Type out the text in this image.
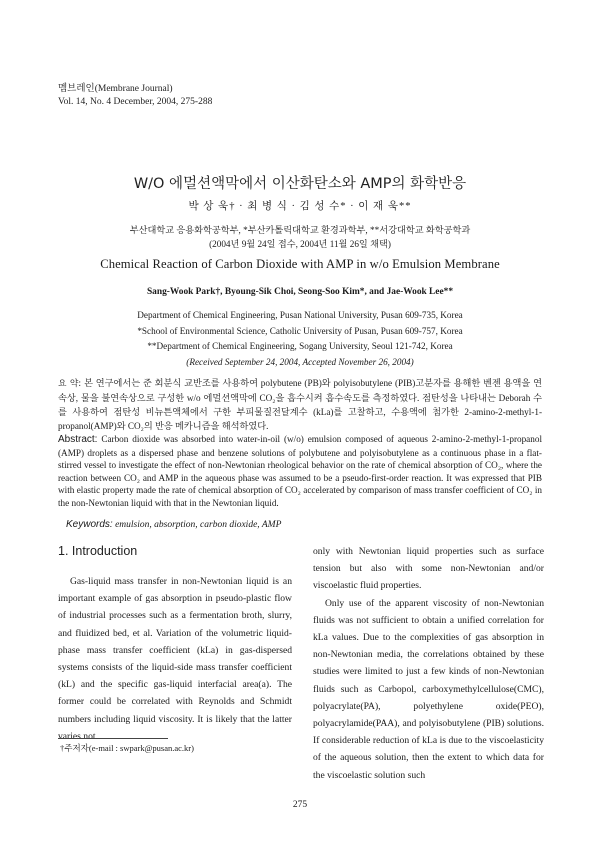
멤브레인(Membrane Journal)
Vol. 14, No. 4 December, 2004, 275-288
W/O 에멀션액막에서 이산화탄소와 AMP의 화학반응
박 상 욱† · 최 병 식 · 김 성 수* · 이 재 욱**
부산대학교 응용화학공학부, *부산카톨릭대학교 환경과학부, **서강대학교 화학공학과
(2004년 9월 24일 접수, 2004년 11월 26일 채택)
Chemical Reaction of Carbon Dioxide with AMP in w/o Emulsion Membrane
Sang-Wook Park†, Byoung-Sik Choi, Seong-Soo Kim*, and Jae-Wook Lee**
Department of Chemical Engineering, Pusan National University, Pusan 609-735, Korea
*School of Environmental Science, Catholic University of Pusan, Pusan 609-757, Korea
**Department of Chemical Engineering, Sogang University, Seoul 121-742, Korea
(Received September 24, 2004, Accepted November 26, 2004)
요 약: 본 연구에서는 준 회분식 교반조를 사용하여 polybutene (PB)와 polyisobutylene (PIB)고분자를 용해한 벤젠 용액을 연속상, 물을 불연속상으로 구성한 w/o 에멀션액막에 CO₂을 흡수시켜 흡수속도를 측정하였다. 점탄성을 나타내는 Deborah 수를 사용하여 점탄성 비뉴튼액체에서 구한 부피물질전달계수 (kLa)를 고찰하고, 수용액에 첨가한 2-amino-2-methyl-1-propanol(AMP)와 CO₂의 반응 메카니즘을 해석하였다.
Abstract: Carbon dioxide was absorbed into water-in-oil (w/o) emulsion composed of aqueous 2-amino-2-methyl-1-propanol (AMP) droplets as a dispersed phase and benzene solutions of polybutene and polyisobutylene as a continuous phase in a flat-stirred vessel to investigate the effect of non-Newtonian rheological behavior on the rate of chemical absorption of CO₂, where the reaction between CO₂ and AMP in the aqueous phase was assumed to be a pseudo-first-order reaction. It was expressed that PIB with elastic property made the rate of chemical absorption of CO₂ accelerated by comparison of mass transfer coefficient of CO₂ in the non-Newtonian liquid with that in the Newtonian liquid.
Keywords: emulsion, absorption, carbon dioxide, AMP
1. Introduction

Gas-liquid mass transfer in non-Newtonian liquid is an important example of gas absorption in pseudo-plastic flow of industrial processes such as a fermentation broth, slurry, and fluidized bed, et al. Variation of the volumetric liquid-phase mass transfer coefficient (kLa) in gas-dispersed systems consists of the liquid-side mass transfer coefficient (kL) and the specific gas-liquid interfacial area(a). The former could be correlated with Reynolds and Schmidt numbers including liquid viscosity. It is likely that the latter varies not

only with Newtonian liquid properties such as surface tension but also with some non-Newtonian and/or viscoelastic fluid properties.

Only use of the apparent viscosity of non-Newtonian fluids was not sufficient to obtain a unified correlation for kLa values. Due to the complexities of gas absorption in non-Newtonian media, the correlations obtained by these studies were limited to just a few kinds of non-Newtonian fluids such as Carbopol, carboxymethylcellulose(CMC), polyacrylate(PA), polyethylene oxide(PEO), polyacrylamide(PAA), and polyisobutylene (PIB) solutions. If considerable reduction of kLa is due to the viscoelasticity of the aqueous solution, then the extent to which data for the viscoelastic solution such

†주저자(e-mail : swpark@pusan.ac.kr)
275
